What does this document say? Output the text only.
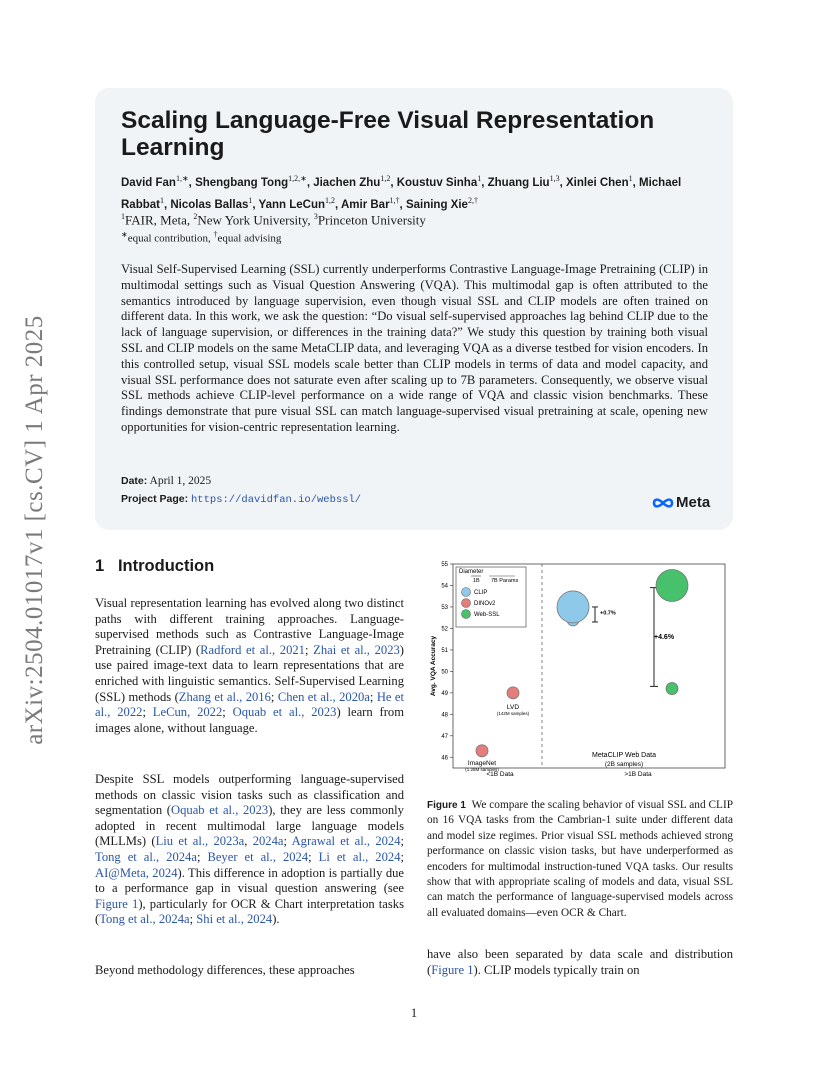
arXiv:2504.01017v1 [cs.CV] 1 Apr 2025
Scaling Language-Free Visual Representation Learning
David Fan$^{1,∗}$, Shengbang Tong$^{1,2,∗}$, Jiachen Zhu$^{1,2}$, Koustuv Sinha$^1$, Zhuang Liu$^{1,3}$, Xinlei Chen$^1$, Michael Rabbat$^1$, Nicolas Ballas$^1$, Yann LeCun$^{1,2}$, Amir Bar$^{1,\dagger}$, Saining Xie$^{2,\dagger}$
$^1$FAIR, Meta, $^2$New York University, $^3$Princeton University
∗equal contribution, †equal advising

Visual Self-Supervised Learning (SSL) currently underperforms Contrastive Language-Image Pretraining (CLIP) in multimodal settings such as Visual Question Answering (VQA). This multimodal gap is often attributed to the semantics introduced by language supervision, even though visual SSL and CLIP models are often trained on different data. In this work, we ask the question: “Do visual self-supervised approaches lag behind CLIP due to the lack of language supervision, or differences in the training data?” We study this question by training both visual SSL and CLIP models on the same MetaCLIP data, and leveraging VQA as a diverse testbed for vision encoders. In this controlled setup, visual SSL models scale better than CLIP models in terms of data and model capacity, and visual SSL performance does not saturate even after scaling up to 7B parameters. Consequently, we observe visual SSL methods achieve CLIP-level performance on a wide range of VQA and classic vision benchmarks. These findings demonstrate that pure visual SSL can match language-supervised visual pretraining at scale, opening new opportunities for vision-centric representation learning.

Date: April 1, 2025
Project Page: https://davidfan.io/webssl/	Meta
1 Introduction

Visual representation learning has evolved along two distinct paths with different training approaches. Language-supervised methods such as Contrastive Language-Image Pretraining (CLIP) (Radford et al., 2021; Zhai et al., 2023) use paired image-text data to learn representations that are enriched with linguistic semantics. Self-Supervised Learning (SSL) methods (Zhang et al., 2016; Chen et al., 2020a; He et al., 2022; LeCun, 2022; Oquab et al., 2023) learn from images alone, without language.

Despite SSL models outperforming language-supervised methods on classic vision tasks such as classification and segmentation (Oquab et al., 2023), they are less commonly adopted in recent multimodal large language models (MLLMs) (Liu et al., 2023a, 2024a; Agrawal et al., 2024; Tong et al., 2024a; Beyer et al., 2024; Li et al., 2024; AI@Meta, 2024). This difference in adoption is partially due to a performance gap in visual question answering (see Figure 1), particularly for OCR & Chart interpretation tasks (Tong et al., 2024a; Shi et al., 2024).

Beyond methodology differences, these approaches

46
47
48
49
50
51
52
53
54
55
Avg. VQA Accuracy
<1B Data	>1B Data
+0.7%
+4.6%
ImageNet
(1.28M samples)
LVD
(142M samples)
MetaCLIP Web Data
(2B samples)
Diameter
1B 7B Params
CLIP
DINOv2
Web-SSL

Figure 1 We compare the scaling behavior of visual SSL and CLIP on 16 VQA tasks from the Cambrian-1 suite under different data and model size regimes. Prior visual SSL methods achieved strong performance on classic vision tasks, but have underperformed as encoders for multimodal instruction-tuned VQA tasks. Our results show that with appropriate scaling of models and data, visual SSL can match the performance of language-supervised models across all evaluated domains—even OCR & Chart.

have also been separated by data scale and distribution (Figure 1). CLIP models typically train on

1
